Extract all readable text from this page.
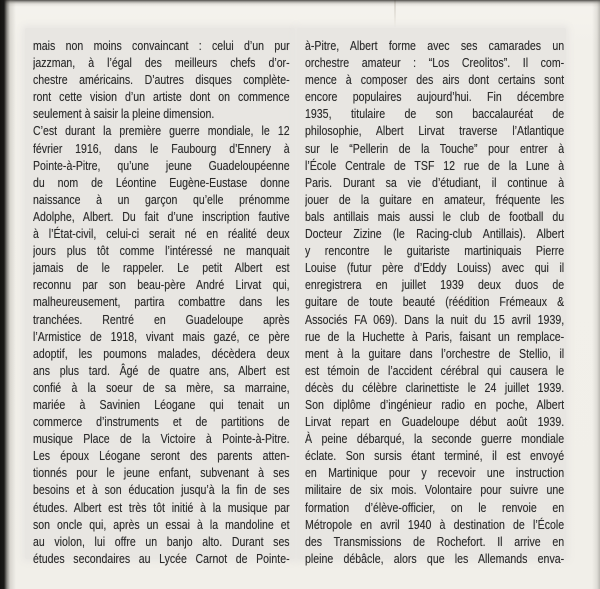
mais non moins convaincant : celui d’un pur
jazzman, à l’égal des meilleurs chefs d’or-
chestre américains. D’autres disques complète-
ront cette vision d’un artiste dont on commence
seulement à saisir la pleine dimension.
C’est durant la première guerre mondiale, le 12
février 1916, dans le Faubourg d’Ennery à
Pointe-à-Pitre, qu’une jeune Guadeloupéenne
du nom de Léontine Eugène-Eustase donne
naissance à un garçon qu’elle prénomme
Adolphe, Albert. Du fait d’une inscription fautive
à l’État-civil, celui-ci serait né en réalité deux
jours plus tôt comme l’intéressé ne manquait
jamais de le rappeler. Le petit Albert est
reconnu par son beau-père André Lirvat qui,
malheureusement, partira combattre dans les
tranchées. Rentré en Guadeloupe après
l’Armistice de 1918, vivant mais gazé, ce père
adoptif, les poumons malades, décèdera deux
ans plus tard. Âgé de quatre ans, Albert est
confié à la soeur de sa mère, sa marraine,
mariée à Savinien Léogane qui tenait un
commerce d’instruments et de partitions de
musique Place de la Victoire à Pointe-à-Pitre.
Les époux Léogane seront des parents atten-
tionnés pour le jeune enfant, subvenant à ses
besoins et à son éducation jusqu’à la fin de ses
études. Albert est très tôt initié à la musique par
son oncle qui, après un essai à la mandoline et
au violon, lui offre un banjo alto. Durant ses
études secondaires au Lycée Carnot de Pointe-
à-Pitre, Albert forme avec ses camarades un
orchestre amateur : “Los Creolitos”. Il com-
mence à composer des airs dont certains sont
encore populaires aujourd’hui. Fin décembre
1935, titulaire de son baccalauréat de
philosophie, Albert Lirvat traverse l’Atlantique
sur le “Pellerin de la Touche” pour entrer à
l’École Centrale de TSF 12 rue de la Lune à
Paris. Durant sa vie d’étudiant, il continue à
jouer de la guitare en amateur, fréquente les
bals antillais mais aussi le club de football du
Docteur Zizine (le Racing-club Antillais). Albert
y rencontre le guitariste martiniquais Pierre
Louise (futur père d’Eddy Louiss) avec qui il
enregistrera en juillet 1939 deux duos de
guitare de toute beauté (réédition Frémeaux &
Associés FA 069). Dans la nuit du 15 avril 1939,
rue de la Huchette à Paris, faisant un remplace-
ment à la guitare dans l’orchestre de Stellio, il
est témoin de l’accident cérébral qui causera le
décès du célèbre clarinettiste le 24 juillet 1939.
Son diplôme d’ingénieur radio en poche, Albert
Lirvat repart en Guadeloupe début août 1939.
À peine débarqué, la seconde guerre mondiale
éclate. Son sursis étant terminé, il est envoyé
en Martinique pour y recevoir une instruction
militaire de six mois. Volontaire pour suivre une
formation d’élève-officier, on le renvoie en
Métropole en avril 1940 à destination de l’École
des Transmissions de Rochefort. Il arrive en
pleine débâcle, alors que les Allemands enva-
